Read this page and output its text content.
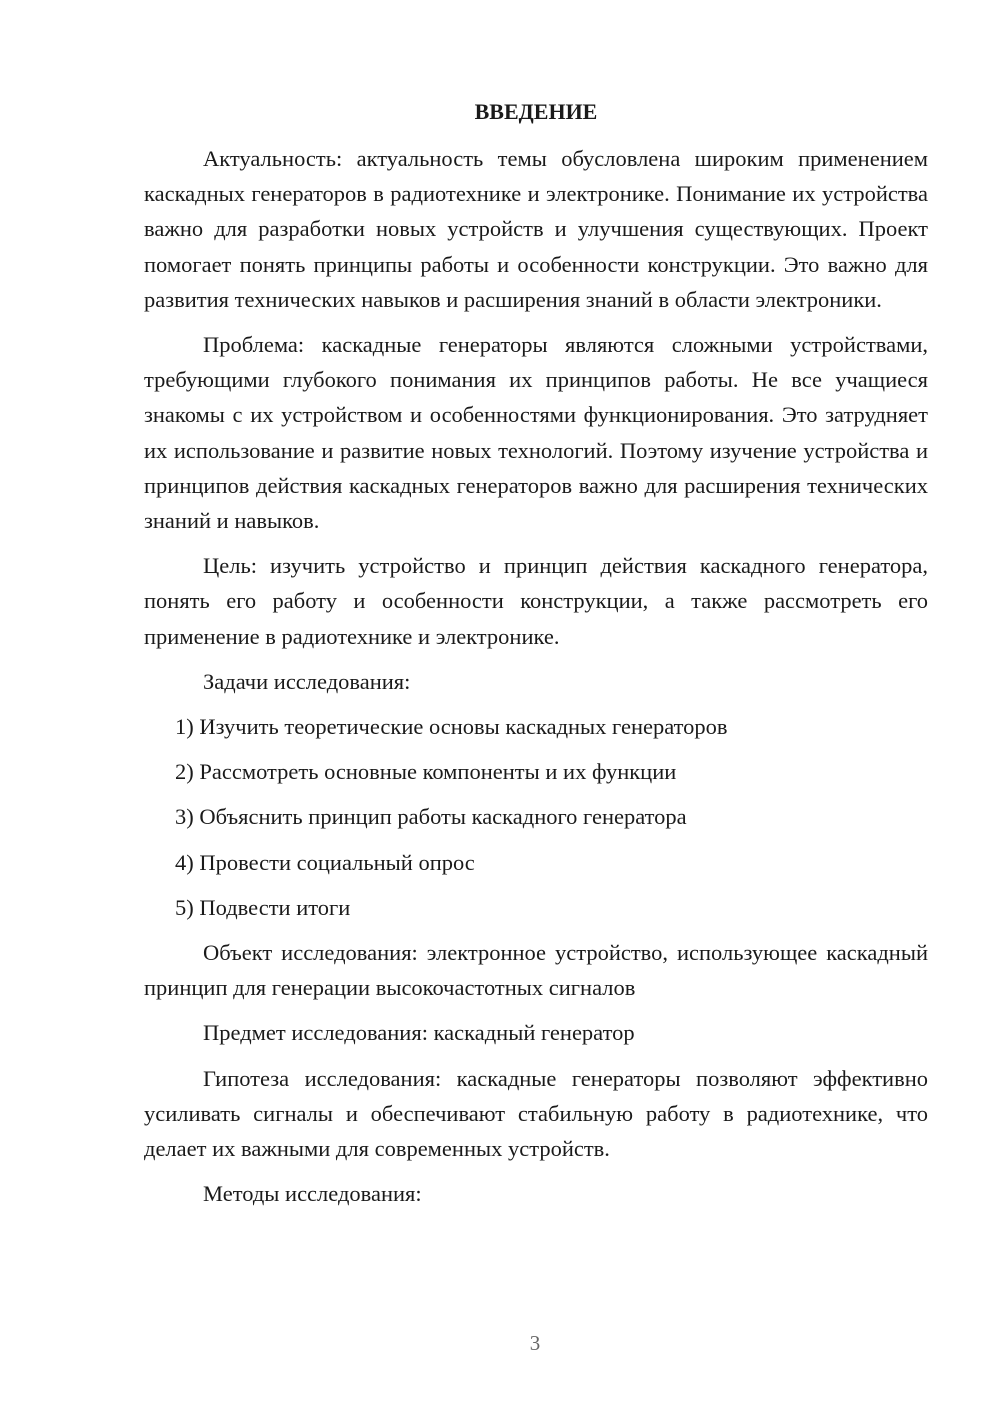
ВВЕДЕНИЕ

Актуальность: актуальность темы обусловлена широким применением каскадных генераторов в радиотехнике и электронике. Понимание их устройства важно для разработки новых устройств и улучшения существующих. Проект помогает понять принципы работы и особенности конструкции. Это важно для развития технических навыков и расширения знаний в области электроники.

Проблема: каскадные генераторы являются сложными устройствами, требующими глубокого понимания их принципов работы. Не все учащиеся знакомы с их устройством и особенностями функционирования. Это затрудняет их использование и развитие новых технологий. Поэтому изучение устройства и принципов действия каскадных генераторов важно для расширения технических знаний и навыков.

Цель: изучить устройство и принцип действия каскадного генератора, понять его работу и особенности конструкции, а также рассмотреть его применение в радиотехнике и электронике.

Задачи исследования:

1) Изучить теоретические основы каскадных генераторов
2) Рассмотреть основные компоненты и их функции
3) Объяснить принцип работы каскадного генератора
4) Провести социальный опрос
5) Подвести итоги

Объект исследования: электронное устройство, использующее каскадный принцип для генерации высокочастотных сигналов

Предмет исследования: каскадный генератор

Гипотеза исследования: каскадные генераторы позволяют эффективно усиливать сигналы и обеспечивают стабильную работу в радиотехнике, что делает их важными для современных устройств.

Методы исследования:

3
